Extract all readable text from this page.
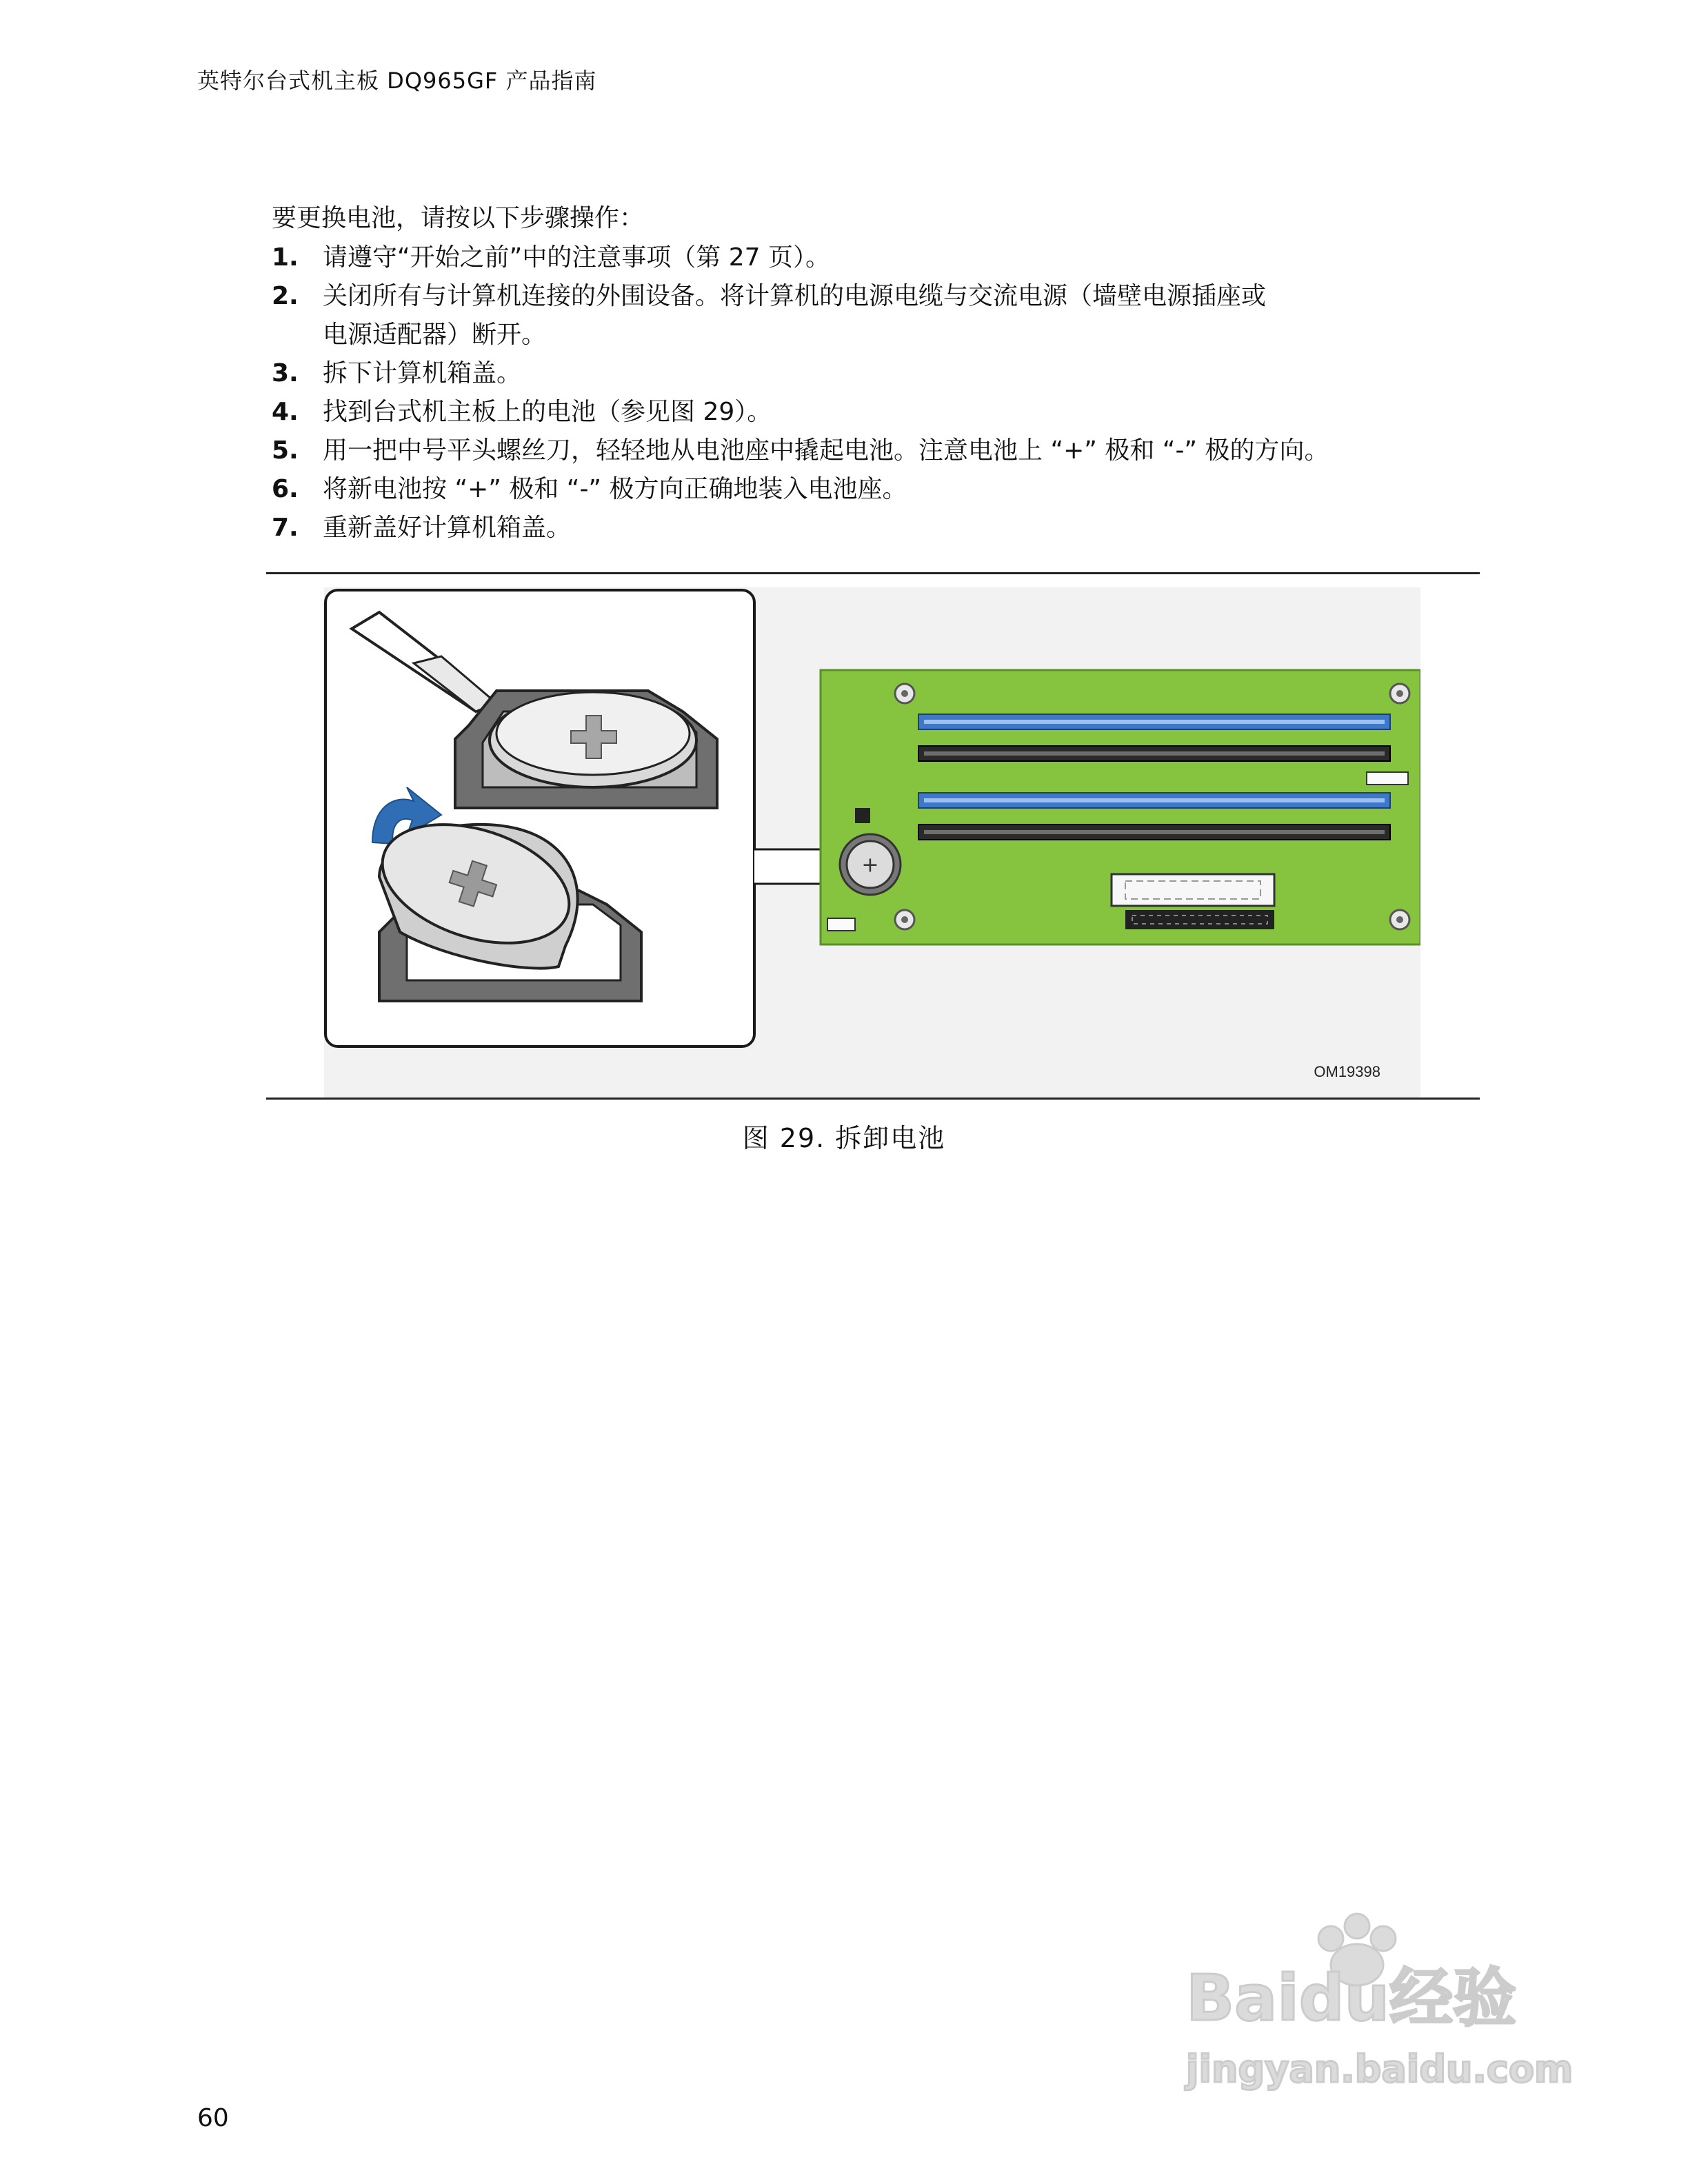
英特尔台式机主板 DQ965GF 产品指南
要更换电池，请按以下步骤操作：
1. 请遵守“开始之前”中的注意事项（第 27 页）。
2. 关闭所有与计算机连接的外围设备。将计算机的电源电缆与交流电源（墙壁电源插座或
电源适配器）断开。
3. 拆下计算机箱盖。
4. 找到台式机主板上的电池（参见图 29）。
5. 用一把中号平头螺丝刀，轻轻地从电池座中撬起电池。注意电池上 “+” 极和 “-” 极的方向。
6. 将新电池按 “+” 极和 “-” 极方向正确地装入电池座。
7. 重新盖好计算机箱盖。
+
OM19398
图 29. 拆卸电池
60
Baidu经验
jingyan.baidu.com
